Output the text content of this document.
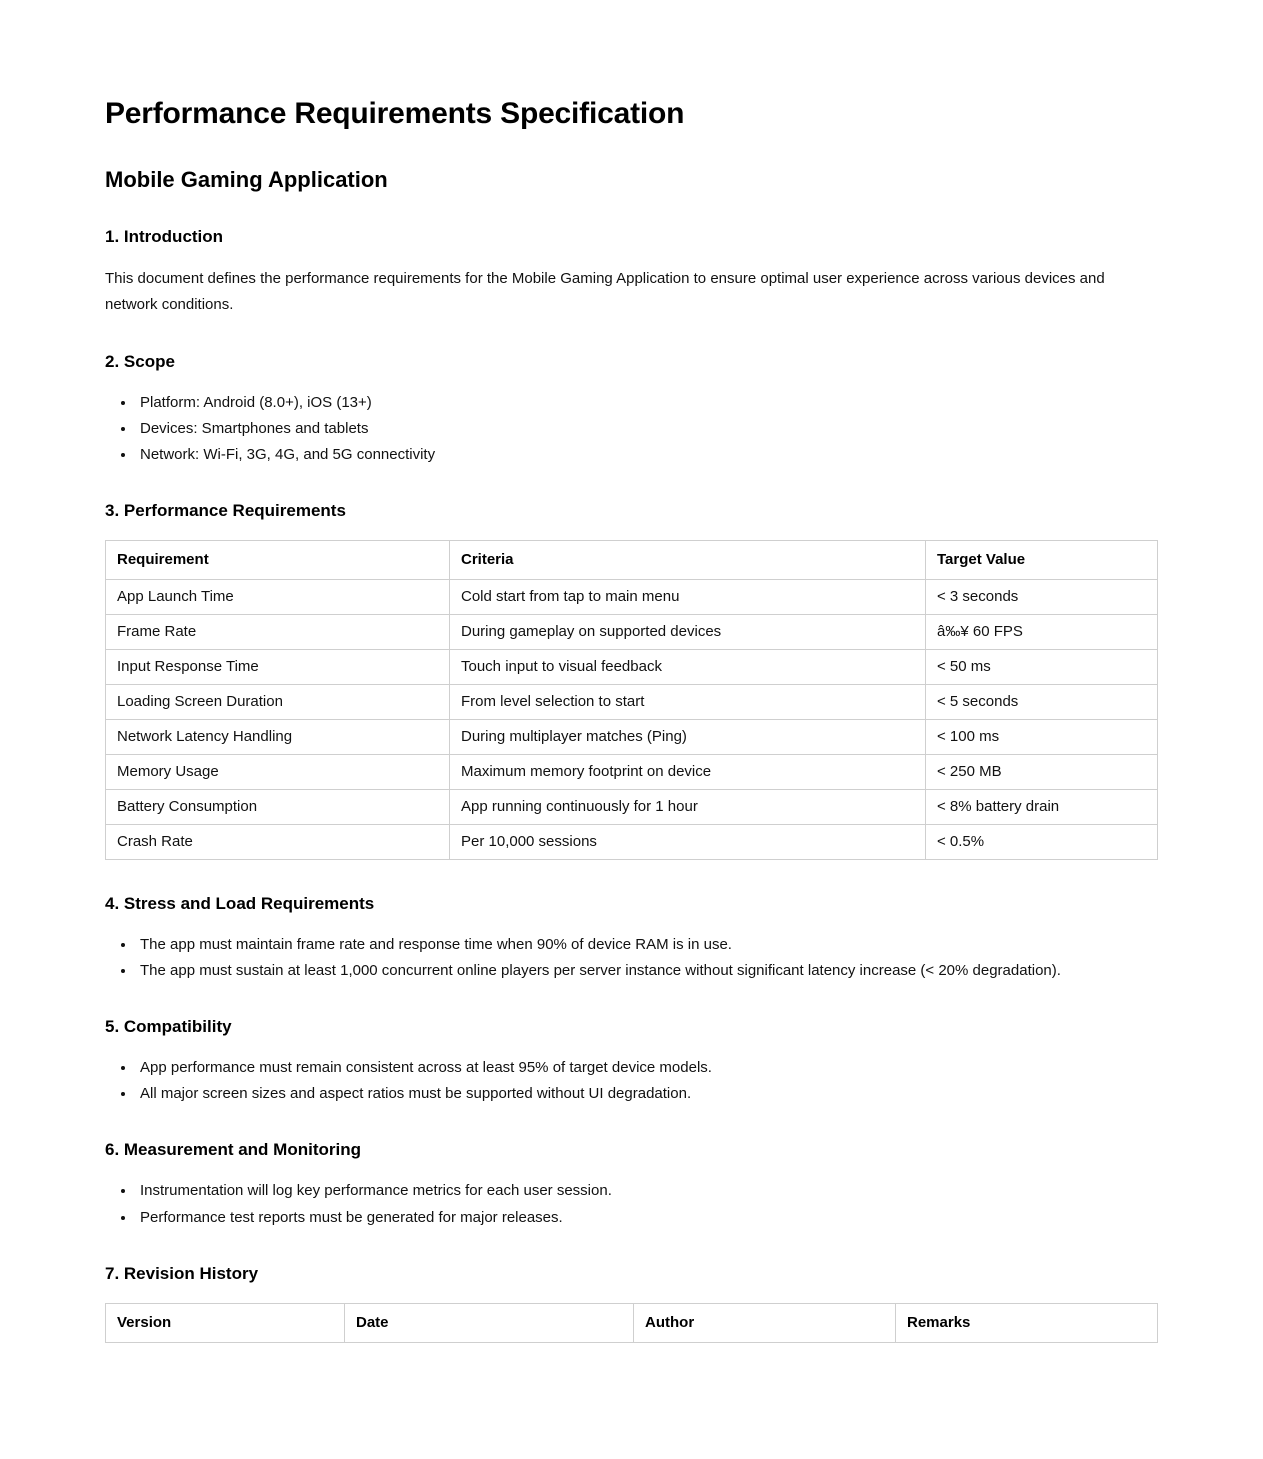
Performance Requirements Specification
Mobile Gaming Application
1. Introduction

This document defines the performance requirements for the Mobile Gaming Application to ensure optimal user experience across various devices and network conditions.

2. Scope
• Platform: Android (8.0+), iOS (13+)
• Devices: Smartphones and tablets
• Network: Wi-Fi, 3G, 4G, and 5G connectivity
3. Performance Requirements
Requirement	Criteria	Target Value
App Launch Time	Cold start from tap to main menu	< 3 seconds
Frame Rate	During gameplay on supported devices	â‰¥ 60 FPS
Input Response Time	Touch input to visual feedback	< 50 ms
Loading Screen Duration	From level selection to start	< 5 seconds
Network Latency Handling	During multiplayer matches (Ping)	< 100 ms
Memory Usage	Maximum memory footprint on device	< 250 MB
Battery Consumption	App running continuously for 1 hour	< 8% battery drain
Crash Rate	Per 10,000 sessions	< 0.5%
4. Stress and Load Requirements
• The app must maintain frame rate and response time when 90% of device RAM is in use.
• The app must sustain at least 1,000 concurrent online players per server instance without significant latency increase (< 20% degradation).
5. Compatibility
• App performance must remain consistent across at least 95% of target device models.
• All major screen sizes and aspect ratios must be supported without UI degradation.
6. Measurement and Monitoring
• Instrumentation will log key performance metrics for each user session.
• Performance test reports must be generated for major releases.
7. Revision History
Version	Date	Author	Remarks
